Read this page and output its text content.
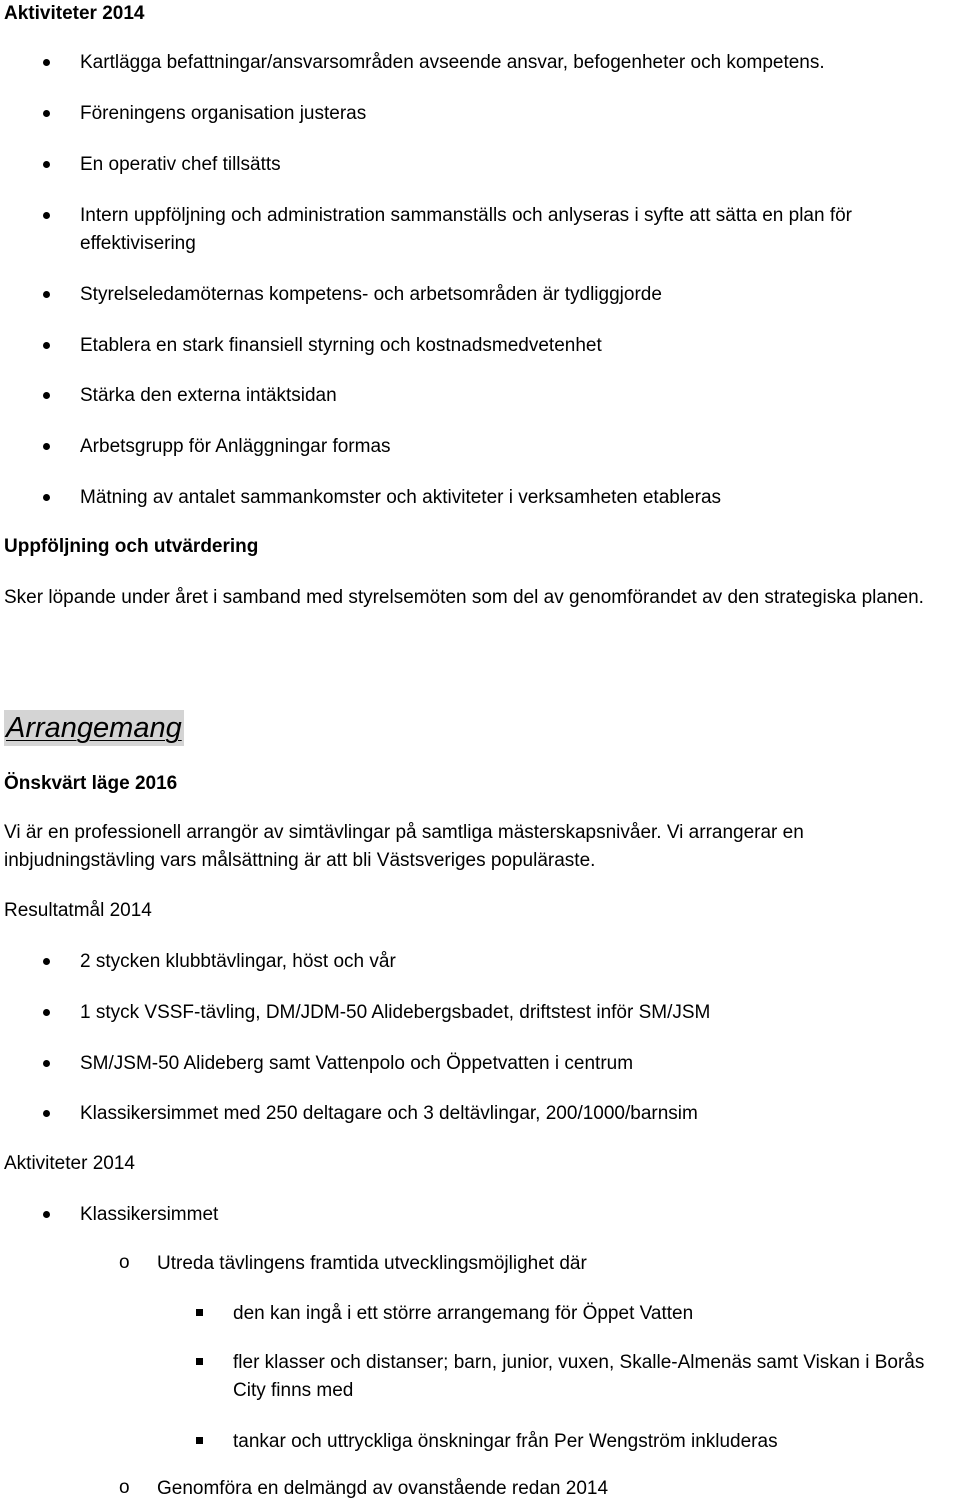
Aktiviteter 2014
Kartlägga befattningar/ansvarsområden avseende ansvar, befogenheter och kompetens.
Föreningens organisation justeras
En operativ chef tillsätts
Intern uppföljning och administration sammanställs och anlyseras i syfte att sätta en plan för effektivisering
Styrelseledamöternas kompetens- och arbetsområden är tydliggjorde
Etablera en stark finansiell styrning och kostnadsmedvetenhet
Stärka den externa intäktsidan
Arbetsgrupp för Anläggningar formas
Mätning av antalet sammankomster och aktiviteter i verksamheten etableras
Uppföljning och utvärdering
Sker löpande under året i samband med styrelsemöten som del av genomförandet av den strategiska planen.
Arrangemang
Önskvärt läge 2016
Vi är en professionell arrangör av simtävlingar på samtliga mästerskapsnivåer. Vi arrangerar en inbjudningstävling vars målsättning är att bli Västsveriges populäraste.
Resultatmål 2014
2 stycken klubbtävlingar, höst och vår
1 styck VSSF-tävling, DM/JDM-50 Alidebergsbadet, driftstest inför SM/JSM
SM/JSM-50 Alideberg samt Vattenpolo och Öppetvatten i centrum
Klassikersimmet med 250 deltagare och 3 deltävlingar, 200/1000/barnsim
Aktiviteter 2014
Klassikersimmet
o Utreda tävlingens framtida utvecklingsmöjlighet där
den kan ingå i ett större arrangemang för Öppet Vatten
fler klasser och distanser; barn, junior, vuxen, Skalle-Almenäs samt Viskan i Borås City finns med
tankar och uttryckliga önskningar från Per Wengström inkluderas
o Genomföra en delmängd av ovanstående redan 2014
